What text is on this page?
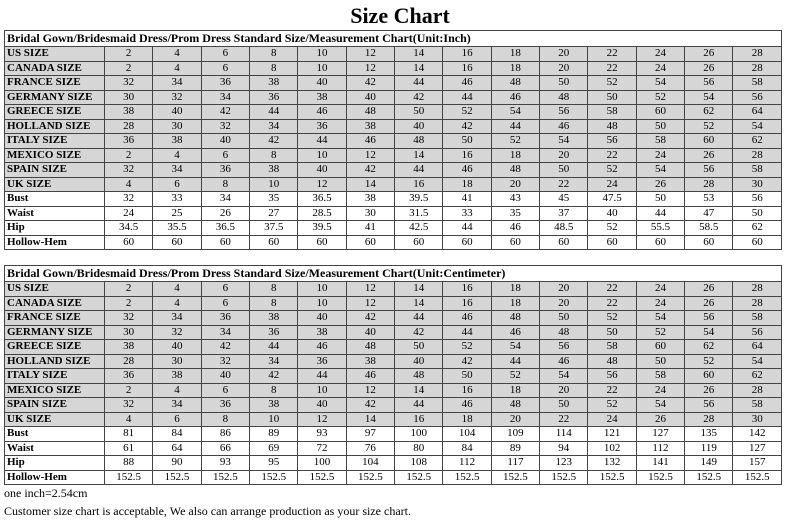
Size Chart
Bridal Gown/Bridesmaid Dress/Prom Dress Standard Size/Measurement Chart(Unit:Inch)														
US SIZE	2	4	6	8	10	12	14	16	18	20	22	24	26	28
CANADA SIZE	2	4	6	8	10	12	14	16	18	20	22	24	26	28
FRANCE SIZE	32	34	36	38	40	42	44	46	48	50	52	54	56	58
GERMANY SIZE	30	32	34	36	38	40	42	44	46	48	50	52	54	56
GREECE SIZE	38	40	42	44	46	48	50	52	54	56	58	60	62	64
HOLLAND SIZE	28	30	32	34	36	38	40	42	44	46	48	50	52	54
ITALY SIZE	36	38	40	42	44	46	48	50	52	54	56	58	60	62
MEXICO SIZE	2	4	6	8	10	12	14	16	18	20	22	24	26	28
SPAIN SIZE	32	34	36	38	40	42	44	46	48	50	52	54	56	58
UK SIZE	4	6	8	10	12	14	16	18	20	22	24	26	28	30
Bust	32	33	34	35	36.5	38	39.5	41	43	45	47.5	50	53	56
Waist	24	25	26	27	28.5	30	31.5	33	35	37	40	44	47	50
Hip	34.5	35.5	36.5	37.5	39.5	41	42.5	44	46	48.5	52	55.5	58.5	62
Hollow-Hem	60	60	60	60	60	60	60	60	60	60	60	60	60	60
Bridal Gown/Bridesmaid Dress/Prom Dress Standard Size/Measurement Chart(Unit:Centimeter)														
US SIZE	2	4	6	8	10	12	14	16	18	20	22	24	26	28
CANADA SIZE	2	4	6	8	10	12	14	16	18	20	22	24	26	28
FRANCE SIZE	32	34	36	38	40	42	44	46	48	50	52	54	56	58
GERMANY SIZE	30	32	34	36	38	40	42	44	46	48	50	52	54	56
GREECE SIZE	38	40	42	44	46	48	50	52	54	56	58	60	62	64
HOLLAND SIZE	28	30	32	34	36	38	40	42	44	46	48	50	52	54
ITALY SIZE	36	38	40	42	44	46	48	50	52	54	56	58	60	62
MEXICO SIZE	2	4	6	8	10	12	14	16	18	20	22	24	26	28
SPAIN SIZE	32	34	36	38	40	42	44	46	48	50	52	54	56	58
UK SIZE	4	6	8	10	12	14	16	18	20	22	24	26	28	30
Bust	81	84	86	89	93	97	100	104	109	114	121	127	135	142
Waist	61	64	66	69	72	76	80	84	89	94	102	112	119	127
Hip	88	90	93	95	100	104	108	112	117	123	132	141	149	157
Hollow-Hem	152.5	152.5	152.5	152.5	152.5	152.5	152.5	152.5	152.5	152.5	152.5	152.5	152.5	152.5
one inch=2.54cm
Customer size chart is acceptable, We also can arrange production as your size chart.
